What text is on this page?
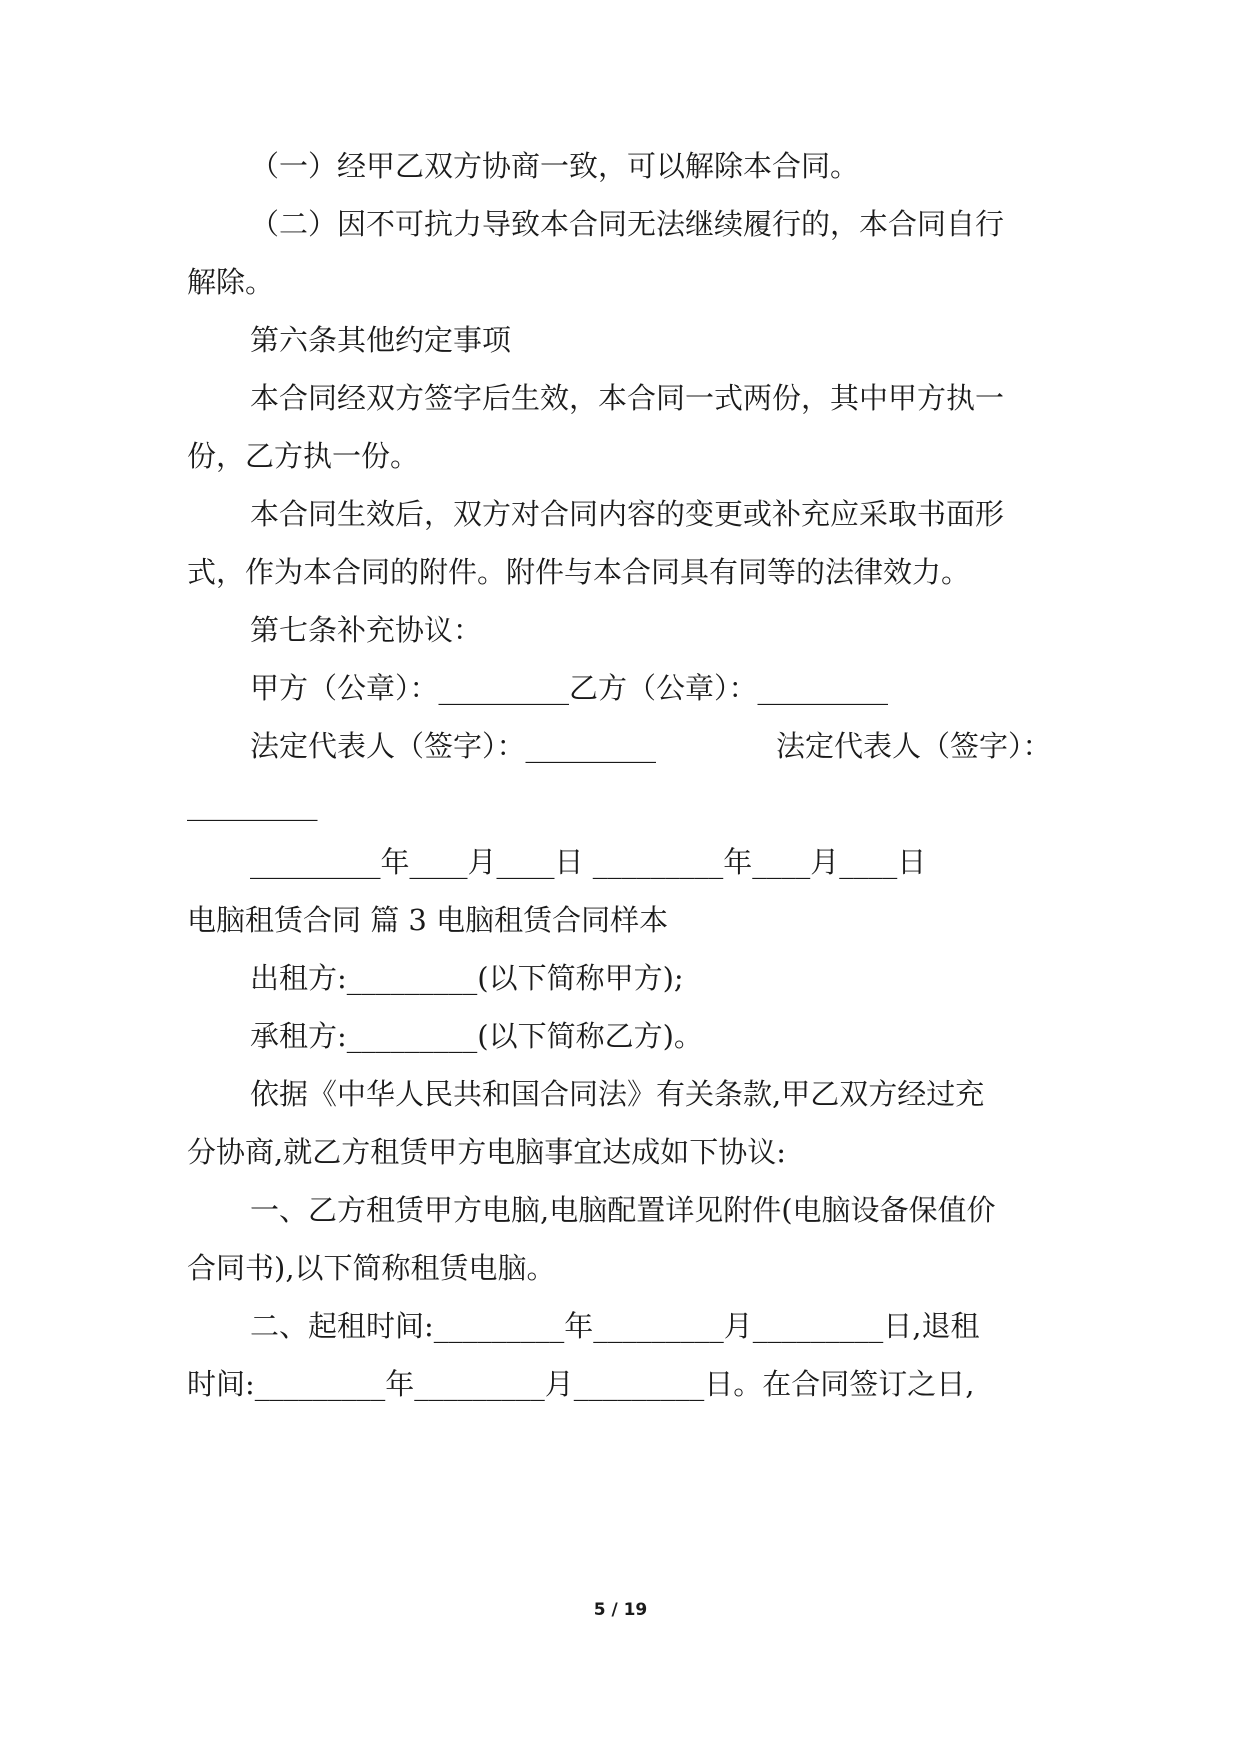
（一）经甲乙双方协商一致，可以解除本合同。
（二）因不可抗力导致本合同无法继续履行的，本合同自行
解除。
第六条其他约定事项
本合同经双方签字后生效，本合同一式两份，其中甲方执一
份，乙方执一份。
本合同生效后，双方对合同内容的变更或补充应采取书面形
式，作为本合同的附件。附件与本合同具有同等的法律效力。
第七条补充协议：
甲方（公章）：_________乙方（公章）：_________
法定代表人（签字）：_________	法定代表人（签字）：
_________
_________年____月____日 _________年____月____日
电脑租赁合同 篇 3 电脑租赁合同样本
出租方:_________(以下简称甲方);
承租方:_________(以下简称乙方)。
依据《中华人民共和国合同法》有关条款,甲乙双方经过充
分协商,就乙方租赁甲方电脑事宜达成如下协议:
一、乙方租赁甲方电脑,电脑配置详见附件(电脑设备保值价
合同书),以下简称租赁电脑。
二、起租时间:_________年_________月_________日,退租
时间:_________年_________月_________日。在合同签订之日,
5 / 19
